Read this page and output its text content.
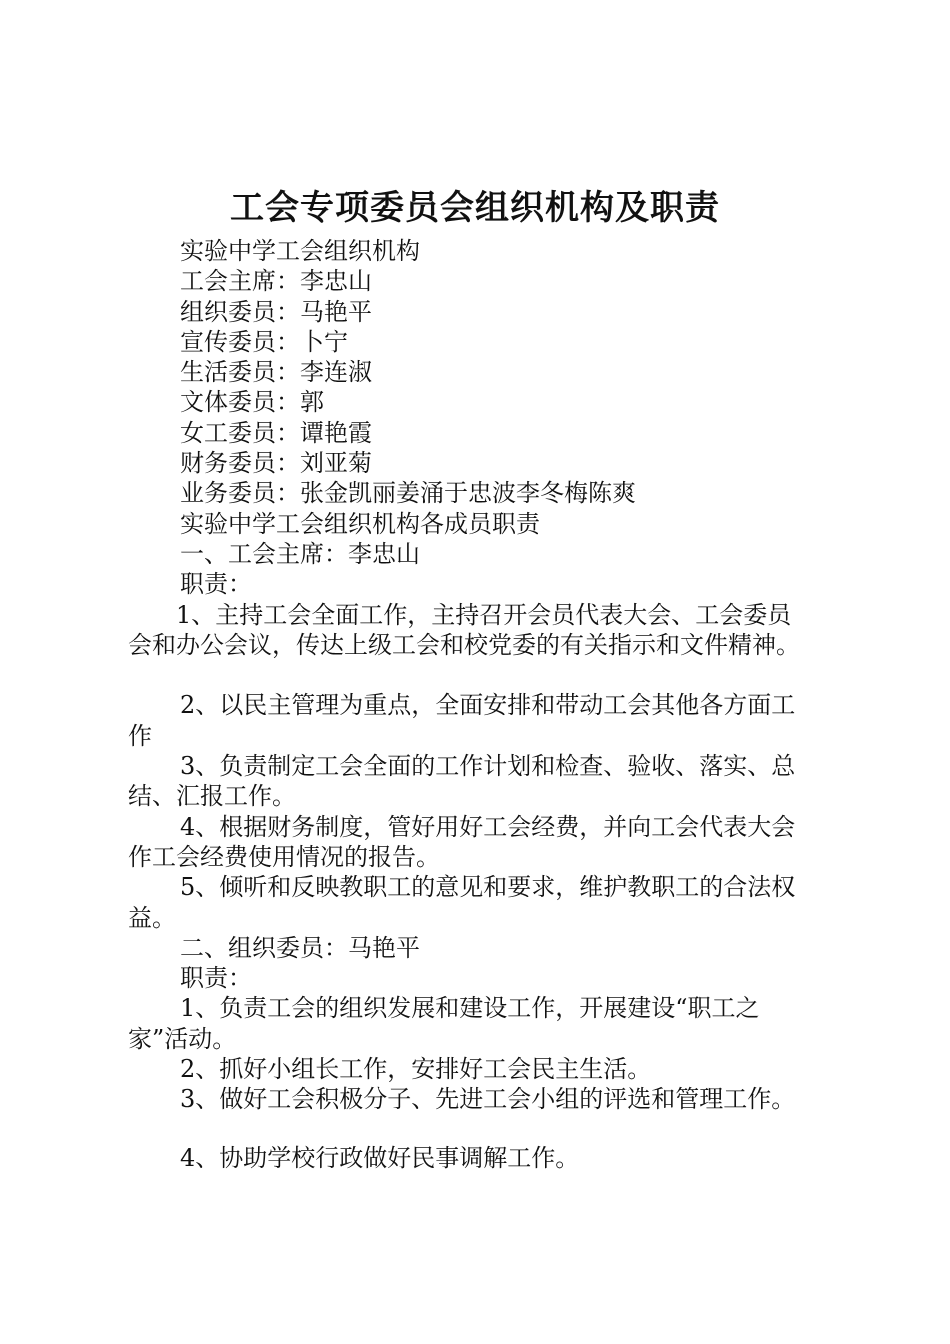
工会专项委员会组织机构及职责
实验中学工会组织机构
工会主席：李忠山
组织委员：马艳平
宣传委员：卜宁
生活委员：李连淑
文体委员：郭
女工委员：谭艳霞
财务委员：刘亚菊
业务委员：张金凯丽姜涌于忠波李冬梅陈爽
实验中学工会组织机构各成员职责
一、工会主席：李忠山
职责：
1、主持工会全面工作，主持召开会员代表大会、工会委员
会和办公会议，传达上级工会和校党委的有关指示和文件精神。
2、以民主管理为重点，全面安排和带动工会其他各方面工
作
3、负责制定工会全面的工作计划和检查、验收、落实、总
结、汇报工作。
4、根据财务制度，管好用好工会经费，并向工会代表大会
作工会经费使用情况的报告。
5、倾听和反映教职工的意见和要求，维护教职工的合法权
益。
二、组织委员：马艳平
职责：
1、负责工会的组织发展和建设工作，开展建设“职工之
家”活动。
2、抓好小组长工作，安排好工会民主生活。
3、做好工会积极分子、先进工会小组的评选和管理工作。
4、协助学校行政做好民事调解工作。
